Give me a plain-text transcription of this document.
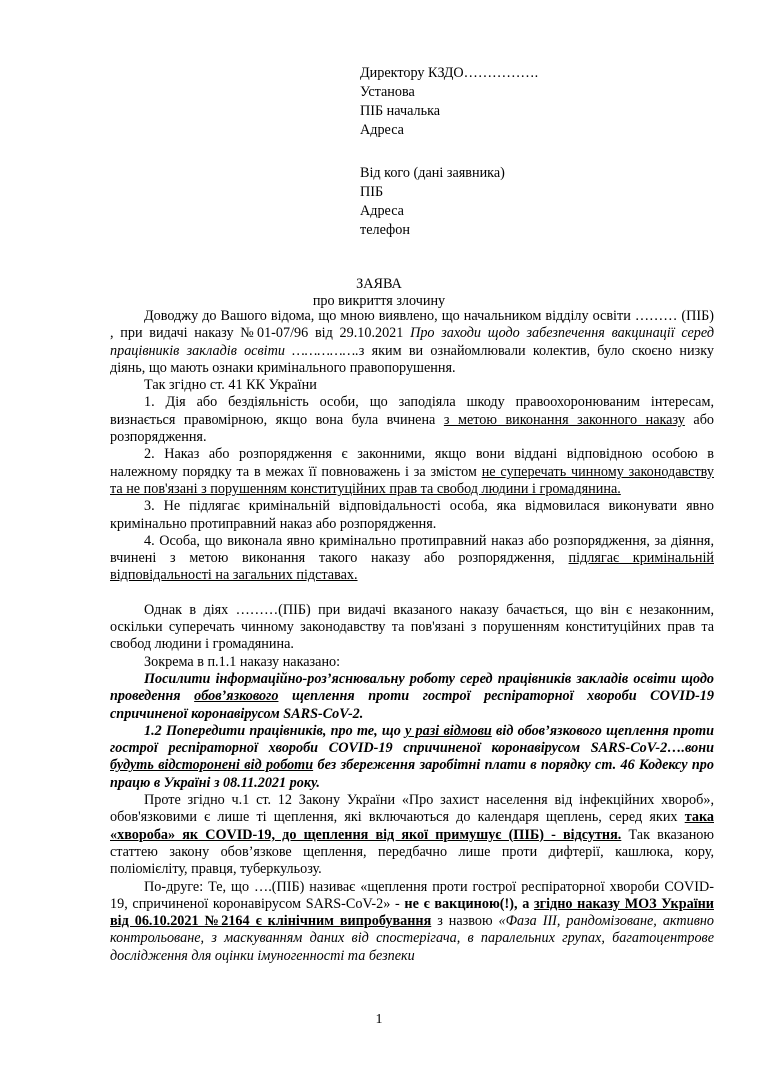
Директору КЗДО…………….
Установа
ПІБ началька
Адреса
Від кого (дані заявника)
ПІБ
Адреса
телефон
ЗАЯВА
про викриття злочину

Доводжу до Вашого відома, що мною виявлено, що начальником відділу освіти ……… (ПІБ) , при видачі наказу №01-07/96 від 29.10.2021 Про заходи щодо забезпечення вакцинації серед працівників закладів освіти …………….з яким ви ознайомлювали колектив, було скоєно низку діянь, що мають ознаки кримінального правопорушення.

Так згідно ст. 41 КК України

1. Дія або бездіяльність особи, що заподіяла шкоду правоохоронюваним інтересам, визнається правомірною, якщо вона була вчинена з метою виконання законного наказу або розпорядження.

2. Наказ або розпорядження є законними, якщо вони віддані відповідною особою в належному порядку та в межах її повноважень і за змістом не суперечать чинному законодавству та не пов'язані з порушенням конституційних прав та свобод людини і громадянина.

3. Не підлягає кримінальній відповідальності особа, яка відмовилася виконувати явно кримінально протиправний наказ або розпорядження.

4. Особа, що виконала явно кримінально протиправний наказ або розпорядження, за діяння, вчинені з метою виконання такого наказу або розпорядження, підлягає кримінальній відповідальності на загальних підставах.

Однак в діях ………(ПІБ) при видачі вказаного наказу бачається, що він є незаконним, оскільки суперечать чинному законодавству та пов'язані з порушенням конституційних прав та свобод людини і громадянина.

Зокрема в п.1.1 наказу наказано:

Посилити інформаційно-роз’яснювальну роботу серед працівників закладів освіти щодо проведення обов’язкового щеплення проти гострої респіраторної хвороби COVID-19 спричиненої коронавірусом SARS-CoV-2.

1.2 Попередити працівників, про те, що у разі відмови від обов’язкового щеплення проти гострої респіраторної хвороби COVID-19 спричиненої коронавірусом SARS-CoV-2….вони будуть відсторонені від роботи без збереження заробітні плати в порядку ст. 46 Кодексу про працю в Україні з 08.11.2021 року.

Проте згідно ч.1 ст. 12 Закону України «Про захист населення від інфекційних хвороб», обов'язковими є лише ті щеплення, які включаються до календаря щеплень, серед яких така «хвороба» як COVID-19, до щеплення від якої примушує (ПІБ) - відсутня. Так вказаною статтею закону обов’язкове щеплення, передбачно лише проти дифтерії, кашлюка, кору, поліомієліту, правця, туберкульозу.

По-друге: Те, що ….(ПІБ) називає «щеплення проти гострої респіраторної хвороби COVID-19, спричиненої коронавірусом SARS-CoV-2» - не є вакциною(!), а згідно наказу МОЗ України від 06.10.2021 №2164 є клінічним випробування з назвою «Фаза III, рандомізоване, активно контрольоване, з маскуванням даних від спостерігача, в паралельних групах, багатоцентрове дослідження для оцінки імуногенності та безпеки

1
